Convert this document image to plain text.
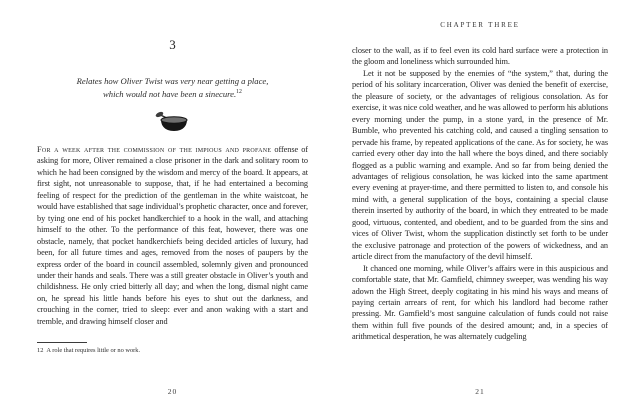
3
Relates how Oliver Twist was very near getting a place,
which would not have been a sinecure.$^{12}$

For a week after the commission of the impious and profane offense of asking for more, Oliver remained a close prisoner in the dark and solitary room to which he had been consigned by the wisdom and mercy of the board. It appears, at first sight, not unreasonable to suppose, that, if he had entertained a becoming feeling of respect for the prediction of the gentleman in the white waistcoat, he would have established that sage individual’s prophetic character, once and forever, by tying one end of his pocket handkerchief to a hook in the wall, and attaching himself to the other. To the performance of this feat, however, there was one obstacle, namely, that pocket handkerchiefs being decided articles of luxury, had been, for all future times and ages, removed from the noses of paupers by the express order of the board in council assembled, solemnly given and pronounced under their hands and seals. There was a still greater obstacle in Oliver’s youth and childishness. He only cried bitterly all day; and when the long, dismal night came on, he spread his little hands before his eyes to shut out the darkness, and crouching in the corner, tried to sleep: ever and anon waking with a start and tremble, and drawing himself closer and

12 A role that requires little or no work.
20
CHAPTER THREE

closer to the wall, as if to feel even its cold hard surface were a protection in the gloom and loneliness which surrounded him.

Let it not be supposed by the enemies of “the system,” that, during the period of his solitary incarceration, Oliver was denied the benefit of exercise, the pleasure of society, or the advantages of religious consolation. As for exercise, it was nice cold weather, and he was allowed to perform his ablutions every morning under the pump, in a stone yard, in the presence of Mr. Bumble, who prevented his catching cold, and caused a tingling sensation to pervade his frame, by repeated applications of the cane. As for society, he was carried every other day into the hall where the boys dined, and there sociably flogged as a public warning and example. And so far from being denied the advantages of religious consolation, he was kicked into the same apartment every evening at prayer-time, and there permitted to listen to, and console his mind with, a general supplication of the boys, containing a special clause therein inserted by authority of the board, in which they entreated to be made good, virtuous, contented, and obedient, and to be guarded from the sins and vices of Oliver Twist, whom the supplication distinctly set forth to be under the exclusive patronage and protection of the powers of wickedness, and an article direct from the manufactory of the devil himself.

It chanced one morning, while Oliver’s affairs were in this auspicious and comfortable state, that Mr. Gamfield, chimney sweeper, was wending his way adown the High Street, deeply cogitating in his mind his ways and means of paying certain arrears of rent, for which his landlord had become rather pressing. Mr. Gamfield’s most sanguine calculation of funds could not raise them within full five pounds of the desired amount; and, in a species of arithmetical desperation, he was alternately cudgeling

21
